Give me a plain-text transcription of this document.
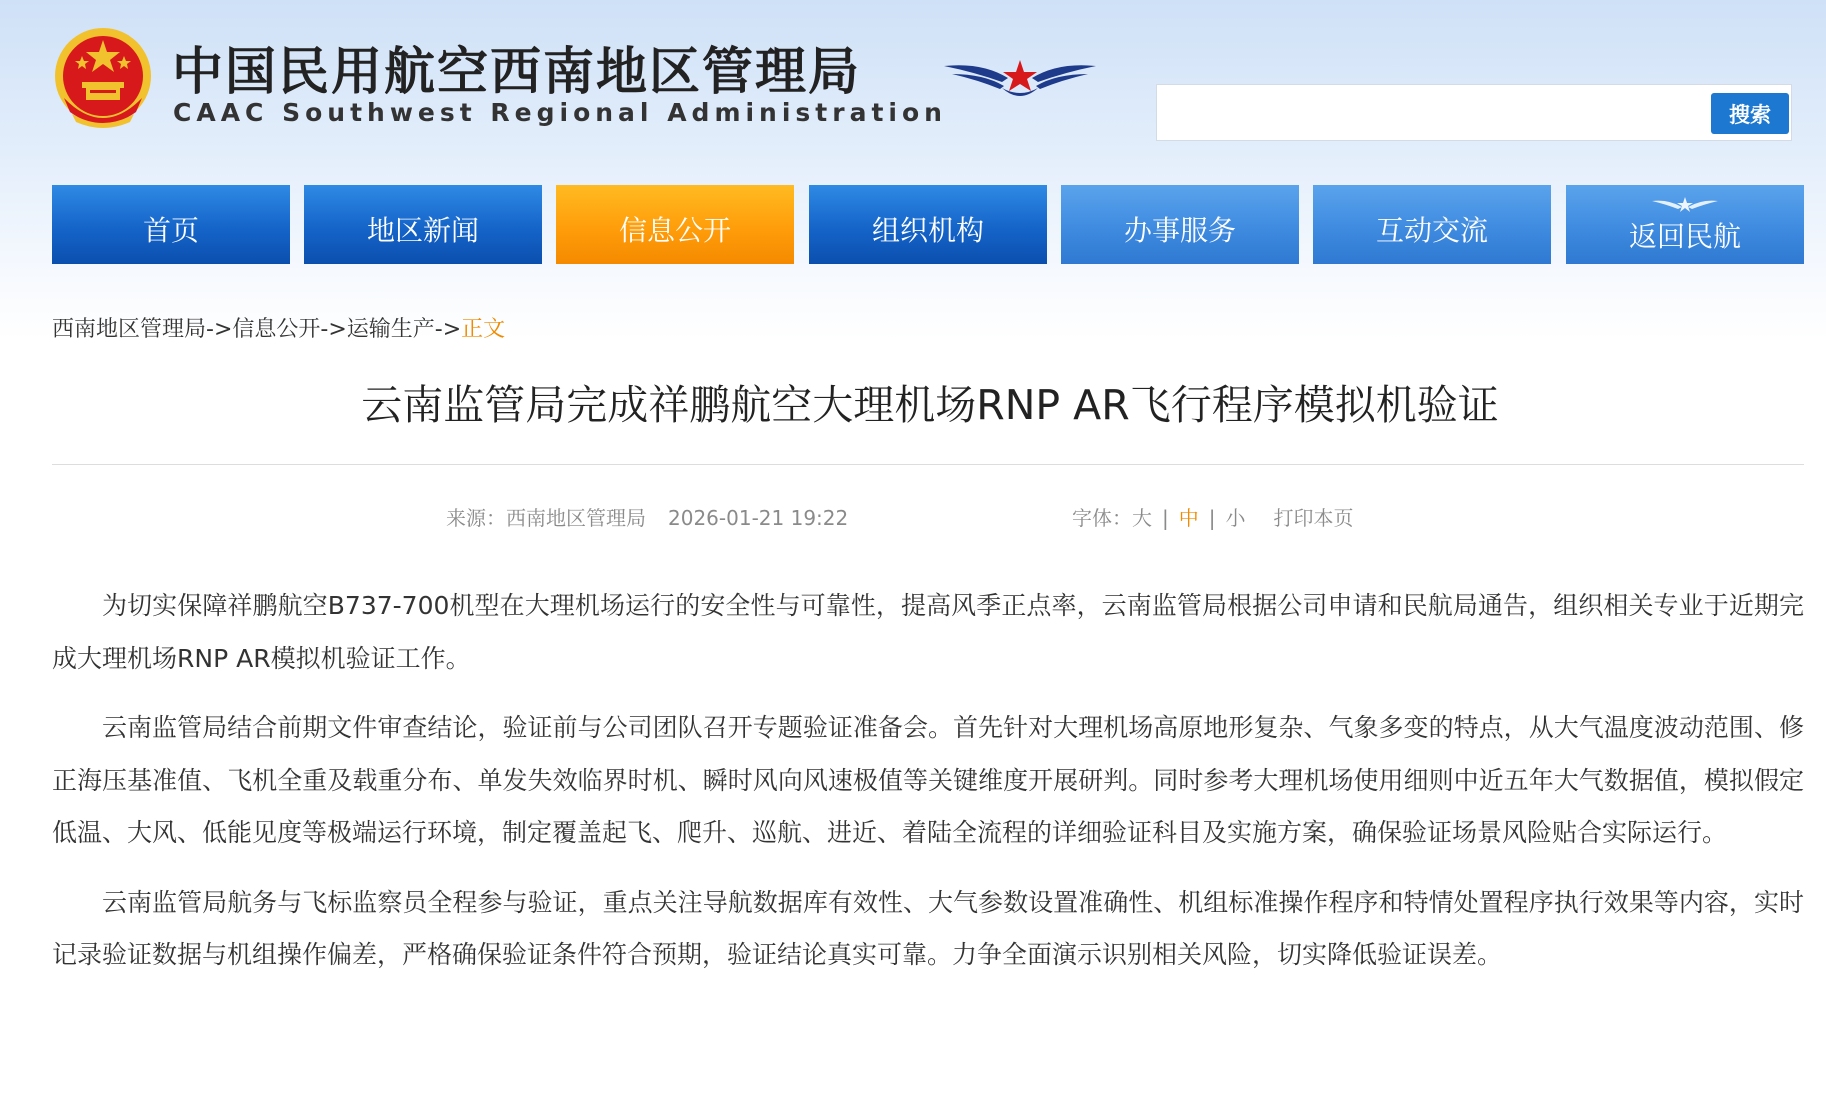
中国民用航空西南地区管理局
CAAC Southwest Regional Administration	搜索
首页	地区新闻	信息公开	组织机构	办事服务	互动交流	返回民航
西南地区管理局->信息公开->运输生产->正文
云南监管局完成祥鹏航空大理机场RNP AR飞行程序模拟机验证
来源：西南地区管理局 2026-01-21 19:22	字体：大 | 中 | 小 打印本页

为切实保障祥鹏航空B737-700机型在大理机场运行的安全性与可靠性，提高风季正点率，云南监管局根据公司申请和民航局通告，组织相关专业于近期完成大理机场RNP AR模拟机验证工作。

云南监管局结合前期文件审查结论，验证前与公司团队召开专题验证准备会。首先针对大理机场高原地形复杂、气象多变的特点，从大气温度波动范围、修正海压基准值、飞机全重及载重分布、单发失效临界时机、瞬时风向风速极值等关键维度开展研判。同时参考大理机场使用细则中近五年大气数据值，模拟假定低温、大风、低能见度等极端运行环境，制定覆盖起飞、爬升、巡航、进近、着陆全流程的详细验证科目及实施方案，确保验证场景风险贴合实际运行。

云南监管局航务与飞标监察员全程参与验证，重点关注导航数据库有效性、大气参数设置准确性、机组标准操作程序和特情处置程序执行效果等内容，实时记录验证数据与机组操作偏差，严格确保验证条件符合预期，验证结论真实可靠。力争全面演示识别相关风险，切实降低验证误差。
